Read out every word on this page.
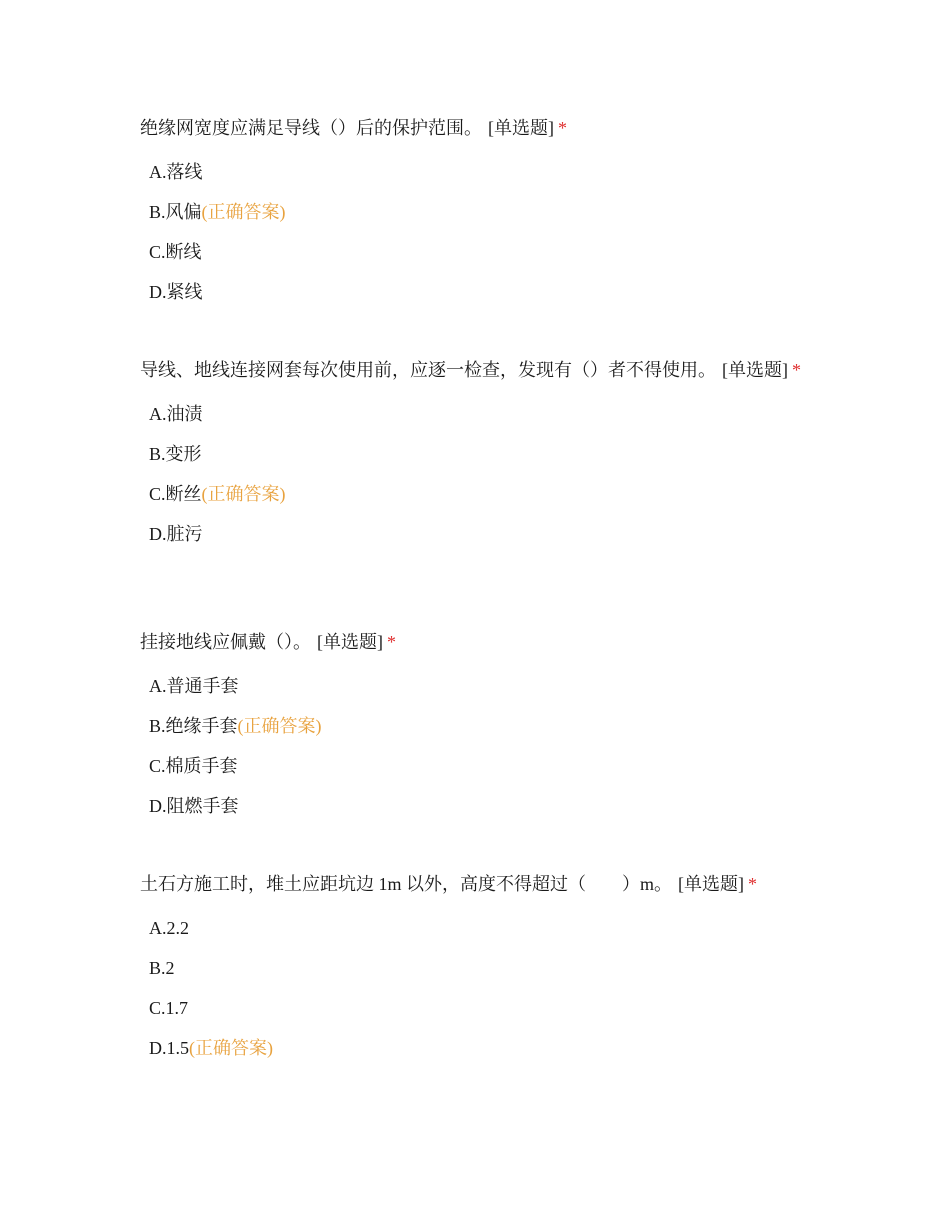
绝缘网宽度应满足导线（）后的保护范围。 [单选题] *

A.落线
B.风偏(正确答案)
C.断线
D.紧线

导线、地线连接网套每次使用前，应逐一检查，发现有（）者不得使用。 [单选题] *

A.油渍
B.变形
C.断丝(正确答案)
D.脏污

挂接地线应佩戴（）。 [单选题] *

A.普通手套
B.绝缘手套(正确答案)
C.棉质手套
D.阻燃手套

土石方施工时，堆土应距坑边 1m 以外，高度不得超过（　　）m。 [单选题] *

A.2.2
B.2
C.1.7
D.1.5(正确答案)
